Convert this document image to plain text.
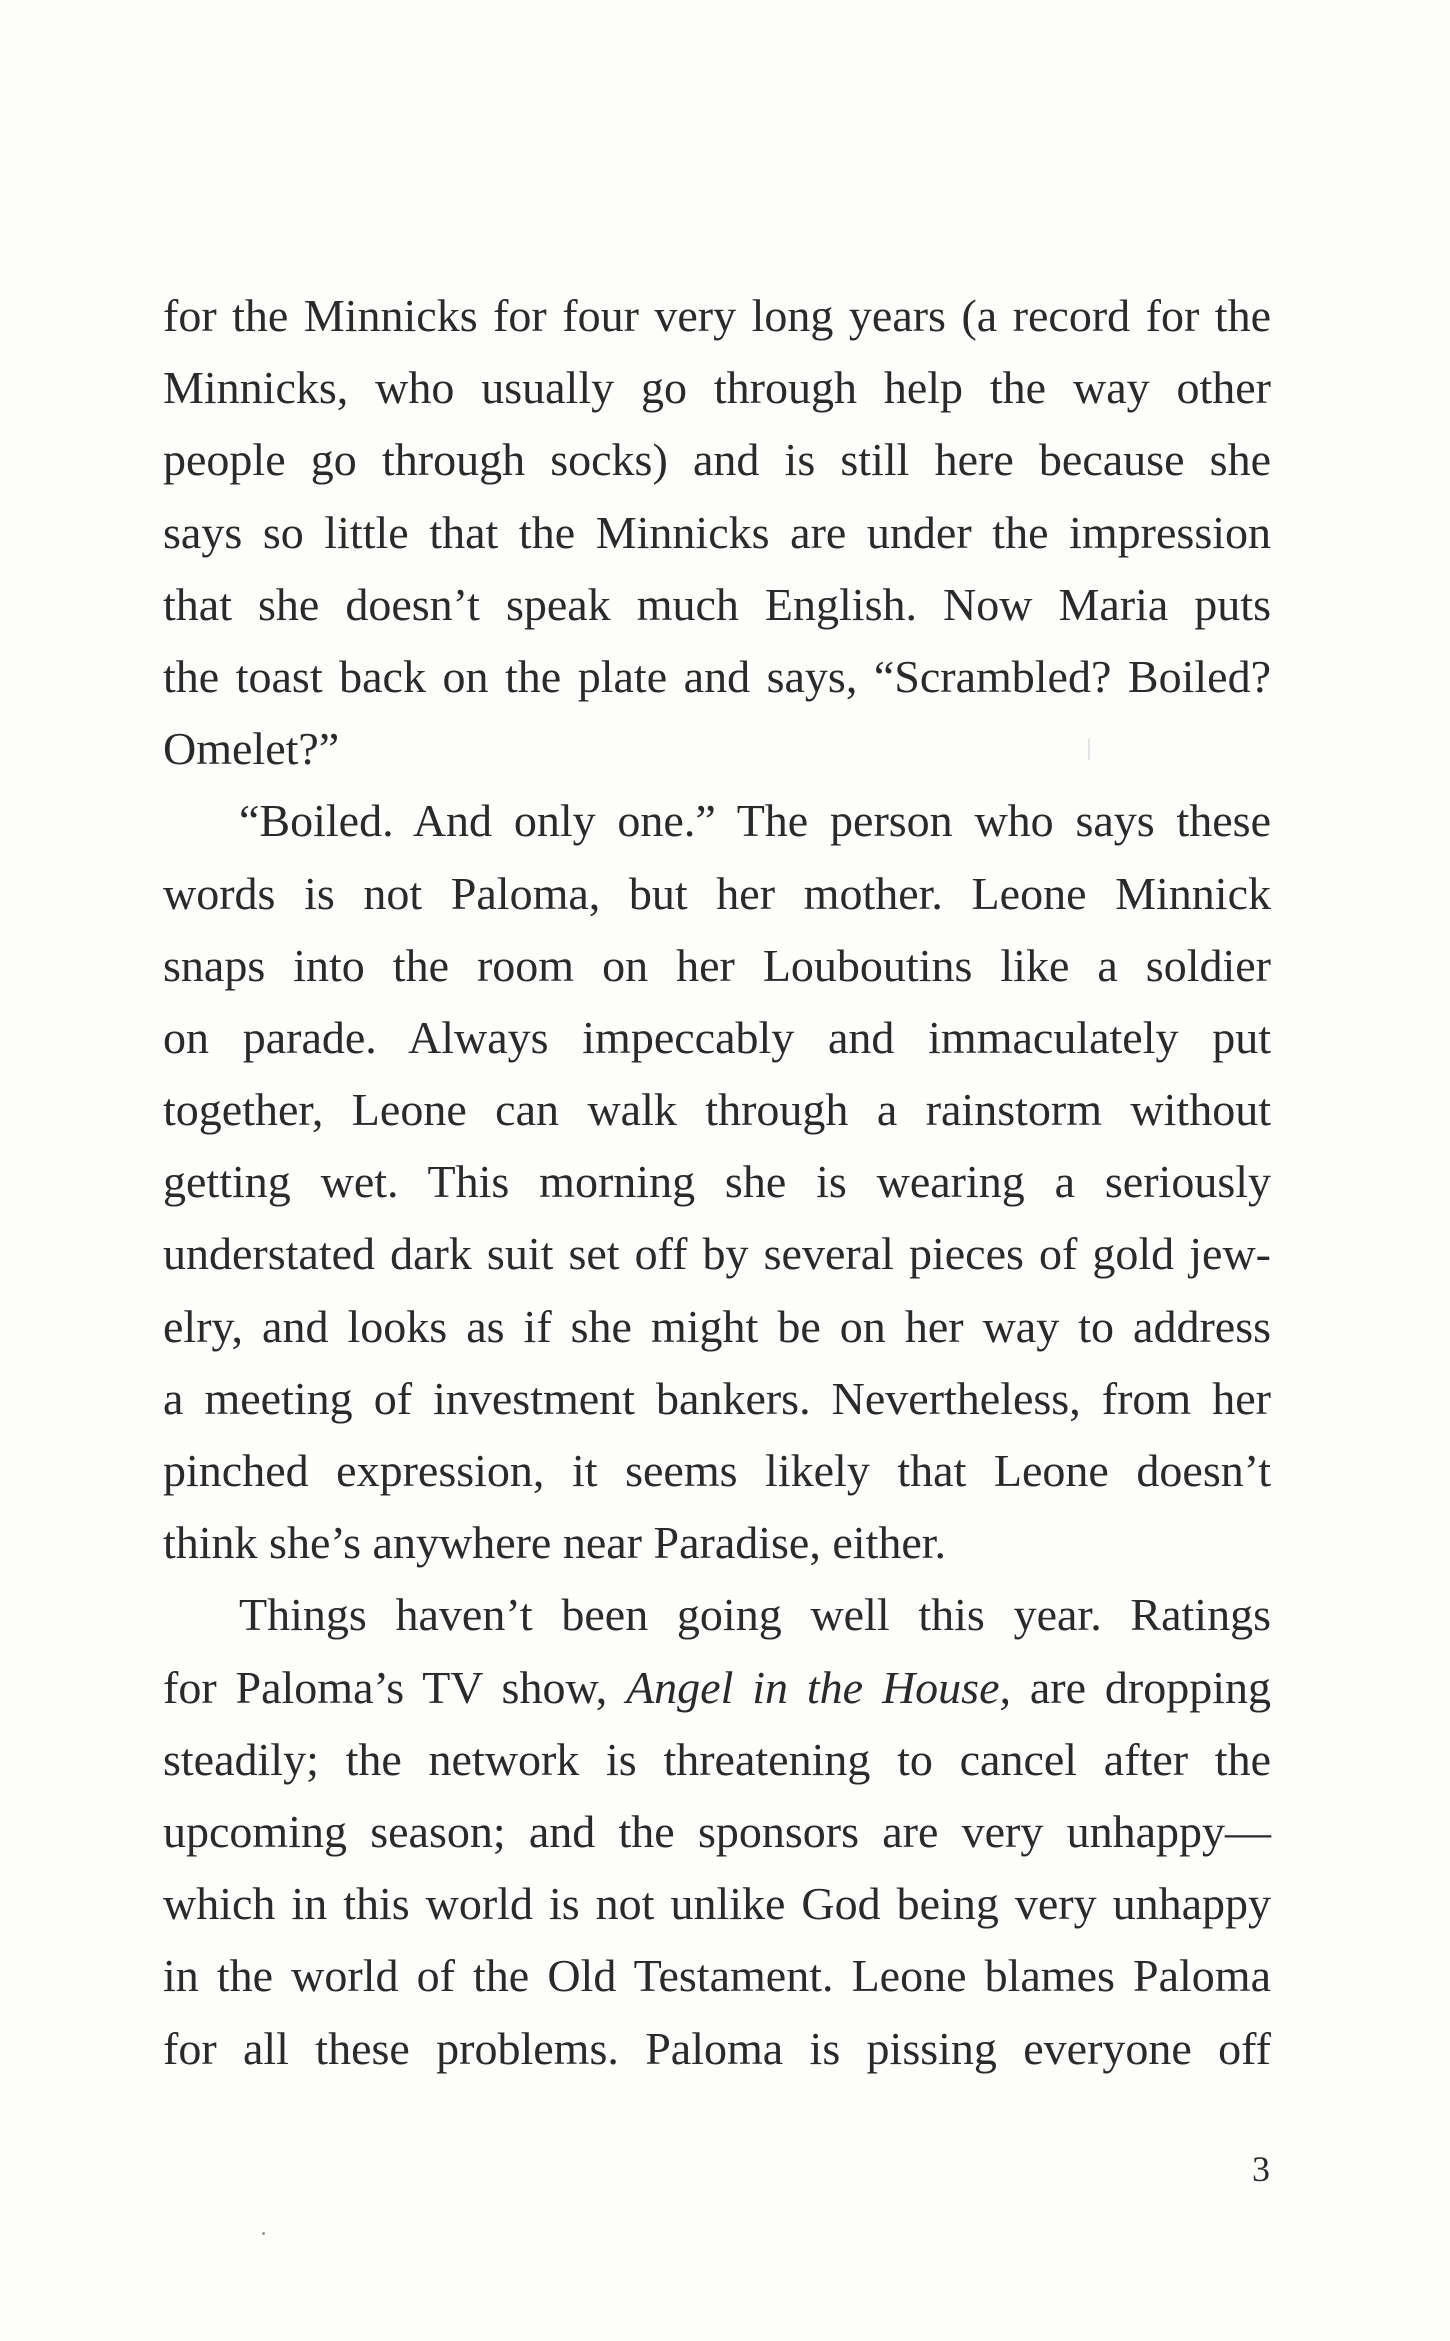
for the Minnicks for four very long years (a record for the
Minnicks, who usually go through help the way other
people go through socks) and is still here because she
says so little that the Minnicks are under the impression
that she doesn’t speak much English. Now Maria puts
the toast back on the plate and says, “Scrambled? Boiled?
Omelet?”
“Boiled. And only one.” The person who says these
words is not Paloma, but her mother. Leone Minnick
snaps into the room on her Louboutins like a soldier
on parade. Always impeccably and immaculately put
together, Leone can walk through a rainstorm without
getting wet. This morning she is wearing a seriously
understated dark suit set off by several pieces of gold jew-
elry, and looks as if she might be on her way to address
a meeting of investment bankers. Nevertheless, from her
pinched expression, it seems likely that Leone doesn’t
think she’s anywhere near Paradise, either.
Things haven’t been going well this year. Ratings
for Paloma’s TV show, Angel in the House, are dropping
steadily; the network is threatening to cancel after the
upcoming season; and the sponsors are very unhappy—
which in this world is not unlike God being very unhappy
in the world of the Old Testament. Leone blames Paloma
for all these problems. Paloma is pissing everyone off
3
